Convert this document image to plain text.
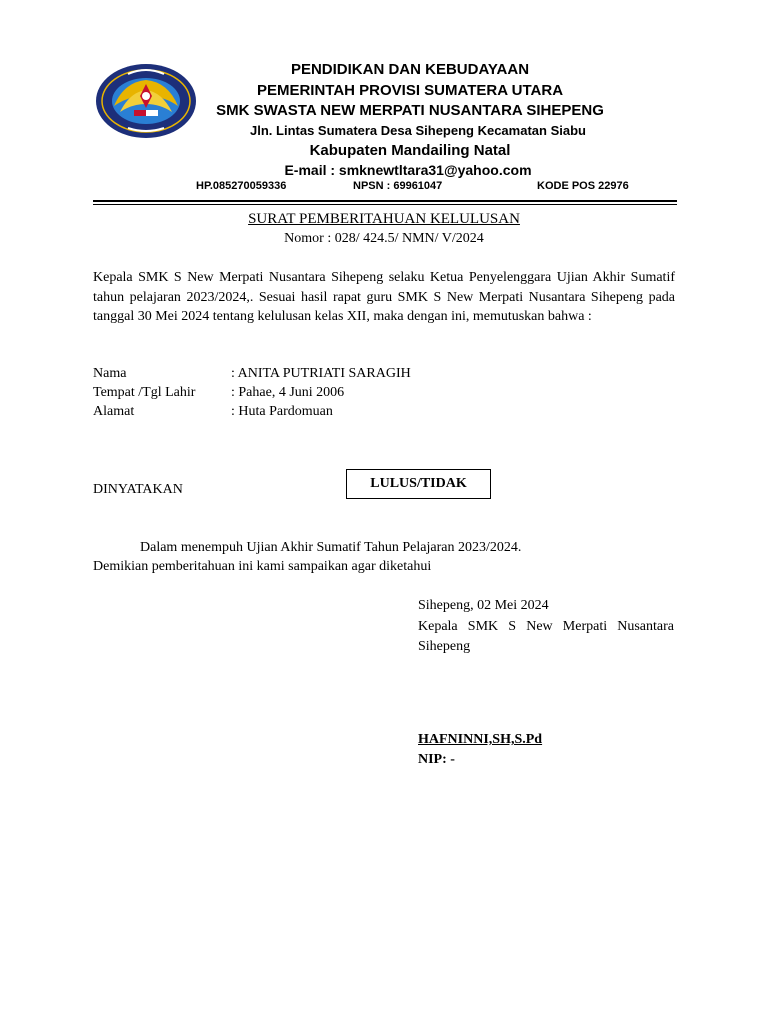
PENDIDIKAN DAN KEBUDAYAAN
PEMERINTAH PROVISI SUMATERA UTARA
SMK SWASTA NEW MERPATI NUSANTARA SIHEPENG
Jln. Lintas Sumatera Desa Sihepeng Kecamatan Siabu
Kabupaten Mandailing Natal
E-mail : smknewtltara31@yahoo.com
HP.085270059336	NPSN : 69961047	KODE POS 22976
SURAT PEMBERITAHUAN KELULUSAN
Nomor : 028/ 424.5/ NMN/ V/2024
Kepala SMK S New Merpati Nusantara Sihepeng selaku Ketua Penyelenggara Ujian Akhir Sumatif tahun pelajaran 2023/2024,. Sesuai hasil rapat guru SMK S New Merpati Nusantara Sihepeng pada tanggal 30 Mei 2024 tentang kelulusan kelas XII, maka dengan ini, memutuskan bahwa :
Nama	: ANITA PUTRIATI SARAGIH
Tempat /Tgl Lahir	: Pahae, 4 Juni 2006
Alamat	: Huta Pardomuan
DINYATAKAN	LULUS/TIDAK
Dalam menempuh Ujian Akhir Sumatif Tahun Pelajaran 2023/2024.
Demikian pemberitahuan ini kami sampaikan agar diketahui
Sihepeng, 02 Mei 2024
Kepala SMK S New Merpati Nusantara Sihepeng
HAFNINNI,SH,S.Pd
NIP: -
